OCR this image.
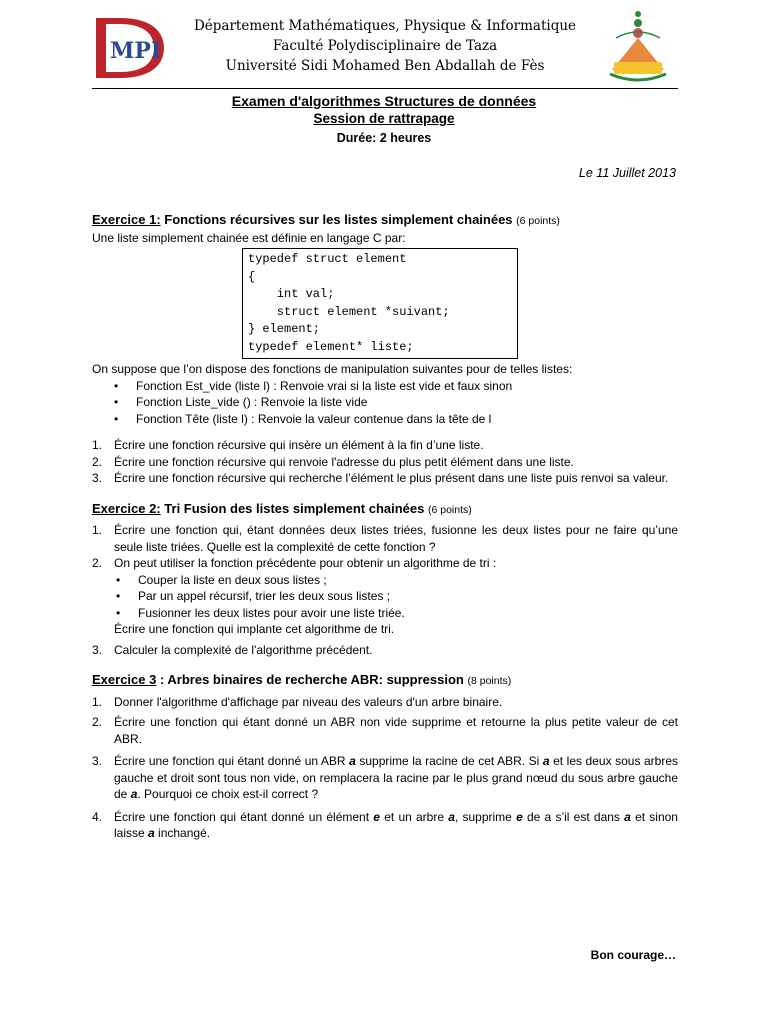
MPI
Département Mathématiques, Physique & Informatique
Faculté Polydisciplinaire de Taza
Université Sidi Mohamed Ben Abdallah de Fès
Examen d'algorithmes Structures de données
Session de rattrapage
Durée: 2 heures
Le 11 Juillet 2013

Exercice 1: Fonctions récursives sur les listes simplement chainées (6 points)

Une liste simplement chainée est définie en langage C par:

typedef struct element
{
int val;
struct element *suivant;
} element;
typedef element* liste;

On suppose que l’on dispose des fonctions de manipulation suivantes pour de telles listes:

• Fonction Est_vide (liste l) : Renvoie vrai si la liste est vide et faux sinon
• Fonction Liste_vide () : Renvoie la liste vide
• Fonction Tête (liste l) : Renvoie la valeur contenue dans la tête de l
1. Écrire une fonction récursive qui insère un élément à la fin d’une liste.
2. Écrire une fonction récursive qui renvoie l'adresse du plus petit élément dans une liste.
3. Écrire une fonction récursive qui recherche l’élément le plus présent dans une liste puis renvoi sa valeur.

Exercice 2: Tri Fusion des listes simplement chainées (6 points)

1. Écrire une fonction qui, étant données deux listes triées, fusionne les deux listes pour ne faire qu’une seule liste triées. Quelle est la complexité de cette fonction ?
2. On peut utiliser la fonction précédente pour obtenir un algorithme de tri :
• Couper la liste en deux sous listes ;
• Par un appel récursif, trier les deux sous listes ;
• Fusionner les deux listes pour avoir une liste triée.
Écrire une fonction qui implante cet algorithme de tri.
3. Calculer la complexité de l'algorithme précédent.

Exercice 3 : Arbres binaires de recherche ABR: suppression (8 points)

1. Donner l'algorithme d'affichage par niveau des valeurs d'un arbre binaire.
2. Écrire une fonction qui étant donné un ABR non vide supprime et retourne la plus petite valeur de cet ABR.
3. Écrire une fonction qui étant donné un ABR a supprime la racine de cet ABR. Si a et les deux sous arbres gauche et droit sont tous non vide, on remplacera la racine par le plus grand nœud du sous arbre gauche de a. Pourquoi ce choix est-il correct ?
4. Écrire une fonction qui étant donné un élément e et un arbre a, supprime e de a s’il est dans a et sinon laisse a inchangé.
Bon courage…
